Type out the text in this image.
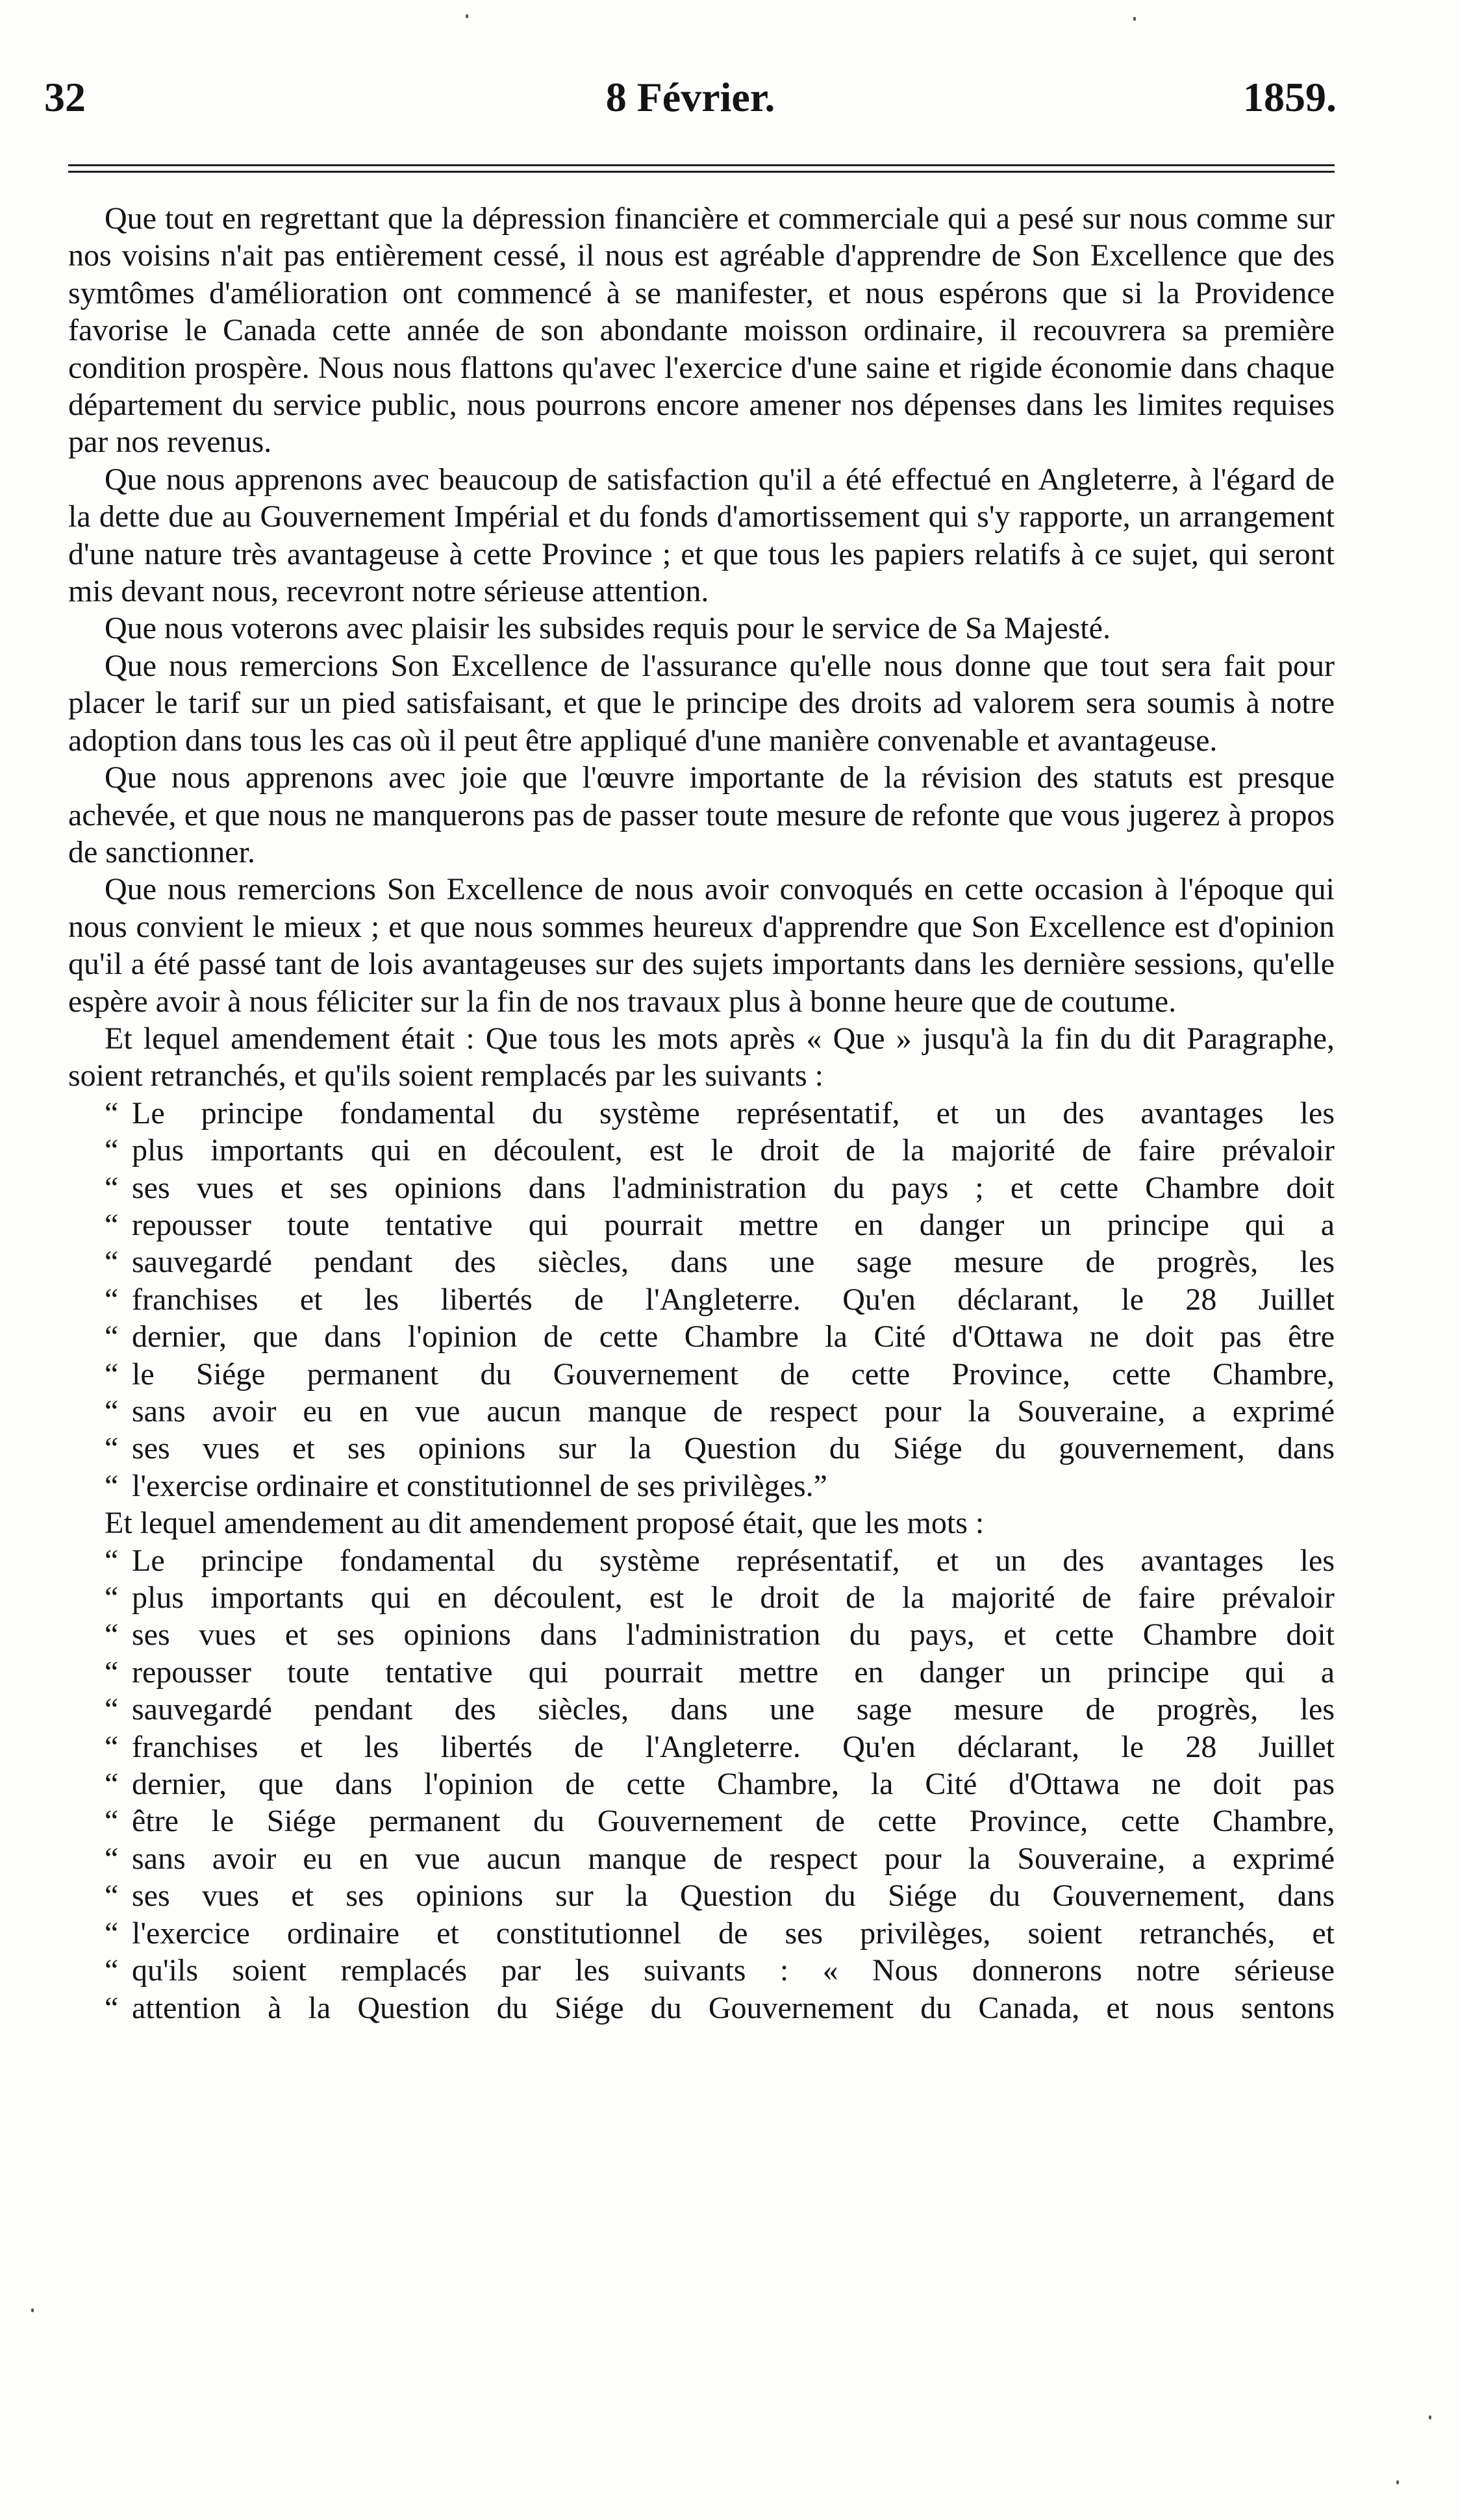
32	8 Février.	1859.

Que tout en regrettant que la dépression financière et commerciale qui a pesé sur nous comme sur nos voisins n'ait pas entièrement cessé, il nous est agréable d'apprendre de Son Excellence que des symtômes d'amélioration ont commencé à se manifester, et nous espérons que si la Providence favorise le Canada cette année de son abondante moisson ordinaire, il recouvrera sa première condition prospère. Nous nous flattons qu'avec l'exercice d'une saine et rigide économie dans chaque département du service public, nous pourrons encore amener nos dépenses dans les limites requises par nos revenus.

Que nous apprenons avec beaucoup de satisfaction qu'il a été effectué en Angleterre, à l'égard de la dette due au Gouvernement Impérial et du fonds d'amortissement qui s'y rapporte, un arrangement d'une nature très avantageuse à cette Province ; et que tous les papiers relatifs à ce sujet, qui seront mis devant nous, recevront notre sérieuse attention.

Que nous voterons avec plaisir les subsides requis pour le service de Sa Majesté.

Que nous remercions Son Excellence de l'assurance qu'elle nous donne que tout sera fait pour placer le tarif sur un pied satisfaisant, et que le principe des droits ad valorem sera soumis à notre adoption dans tous les cas où il peut être appliqué d'une manière convenable et avantageuse.

Que nous apprenons avec joie que l'œuvre importante de la révision des statuts est presque achevée, et que nous ne manquerons pas de passer toute mesure de refonte que vous jugerez à propos de sanctionner.

Que nous remercions Son Excellence de nous avoir convoqués en cette occasion à l'époque qui nous convient le mieux ; et que nous sommes heureux d'apprendre que Son Excellence est d'opinion qu'il a été passé tant de lois avantageuses sur des sujets importants dans les dernière sessions, qu'elle espère avoir à nous féliciter sur la fin de nos travaux plus à bonne heure que de coutume.

Et lequel amendement était : Que tous les mots après « Que » jusqu'à la fin du dit Paragraphe, soient retranchés, et qu'ils soient remplacés par les suivants :

“ Le principe fondamental du système représentatif, et un des avantages les
“ plus importants qui en découlent, est le droit de la majorité de faire prévaloir
“ ses vues et ses opinions dans l'administration du pays ; et cette Chambre doit
“ repousser toute tentative qui pourrait mettre en danger un principe qui a
“ sauvegardé pendant des siècles, dans une sage mesure de progrès, les
“ franchises et les libertés de l'Angleterre. Qu'en déclarant, le 28 Juillet
“ dernier, que dans l'opinion de cette Chambre la Cité d'Ottawa ne doit pas être
“ le Siége permanent du Gouvernement de cette Province, cette Chambre,
“ sans avoir eu en vue aucun manque de respect pour la Souveraine, a exprimé
“ ses vues et ses opinions sur la Question du Siége du gouvernement, dans
“ l'exercise ordinaire et constitutionnel de ses privilèges.”

Et lequel amendement au dit amendement proposé était, que les mots :

“ Le principe fondamental du système représentatif, et un des avantages les
“ plus importants qui en découlent, est le droit de la majorité de faire prévaloir
“ ses vues et ses opinions dans l'administration du pays, et cette Chambre doit
“ repousser toute tentative qui pourrait mettre en danger un principe qui a
“ sauvegardé pendant des siècles, dans une sage mesure de progrès, les
“ franchises et les libertés de l'Angleterre. Qu'en déclarant, le 28 Juillet
“ dernier, que dans l'opinion de cette Chambre, la Cité d'Ottawa ne doit pas
“ être le Siége permanent du Gouvernement de cette Province, cette Chambre,
“ sans avoir eu en vue aucun manque de respect pour la Souveraine, a exprimé
“ ses vues et ses opinions sur la Question du Siége du Gouvernement, dans
“ l'exercice ordinaire et constitutionnel de ses privilèges, soient retranchés, et
“ qu'ils soient remplacés par les suivants : « Nous donnerons notre sérieuse
“ attention à la Question du Siége du Gouvernement du Canada, et nous sentons
